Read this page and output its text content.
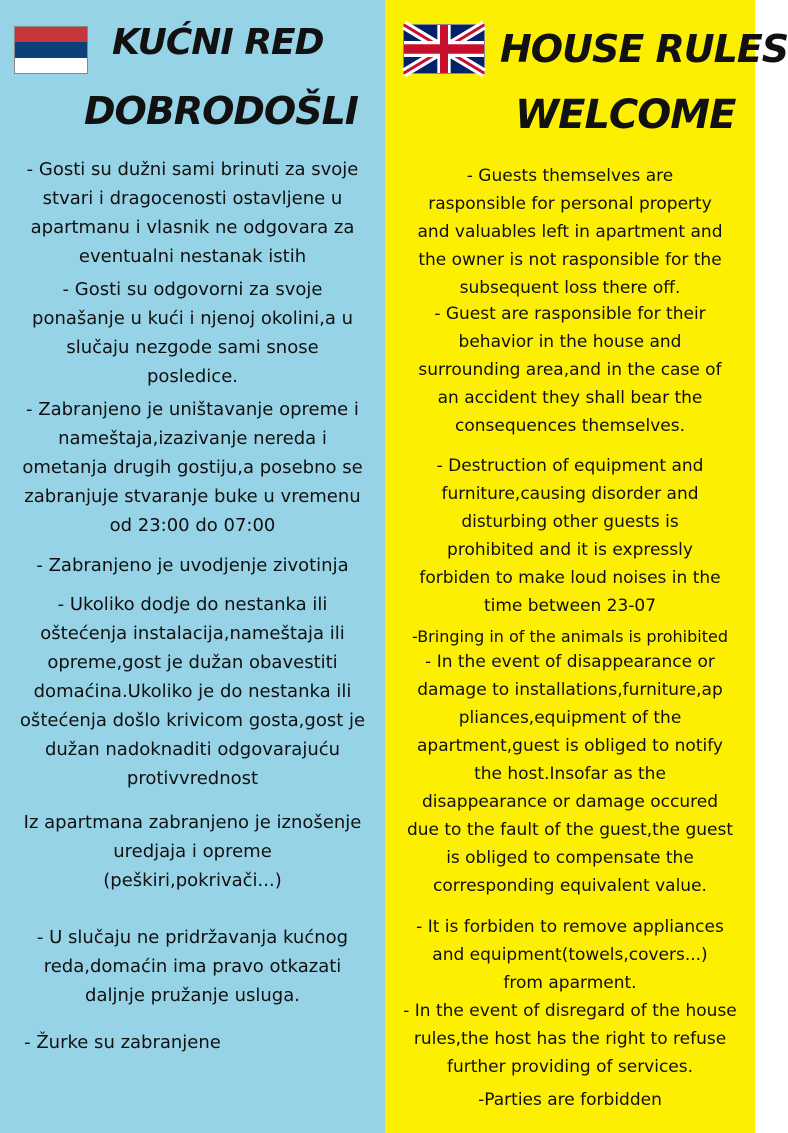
KUĆNI RED
DOBRODOŠLI
- Gosti su dužni sami brinuti za svoje
stvari i dragocenosti ostavljene u
apartmanu i vlasnik ne odgovara za
eventualni nestanak istih
- Gosti su odgovorni za svoje
ponašanje u kući i njenoj okolini,a u
slučaju nezgode sami snose
posledice.
- Zabranjeno je uništavanje opreme i
nameštaja,izazivanje nereda i
ometanja drugih gostiju,a posebno se
zabranjuje stvaranje buke u vremenu
od 23:00 do 07:00
- Zabranjeno je uvodjenje zivotinja
- Ukoliko dodje do nestanka ili
oštećenja instalacija,nameštaja ili
opreme,gost je dužan obavestiti
domaćina.Ukoliko je do nestanka ili
oštećenja došlo krivicom gosta,gost je
dužan nadoknaditi odgovarajuću
protivvrednost
Iz apartmana zabranjeno je iznošenje
uredjaja i opreme
(peškiri,pokrivači...)
- U slučaju ne pridržavanja kućnog
reda,domaćin ima pravo otkazati
daljnje pružanje usluga.
- Žurke su zabranjene
HOUSE RULES
WELCOME
- Guests themselves are
rasponsible for personal property
and valuables left in apartment and
the owner is not rasponsible for the
subsequent loss there off.
- Guest are rasponsible for their
behavior in the house and
surrounding area,and in the case of
an accident they shall bear the
consequences themselves.
- Destruction of equipment and
furniture,causing disorder and
disturbing other guests is
prohibited and it is expressly
forbiden to make loud noises in the
time between 23-07
-Bringing in of the animals is prohibited
- In the event of disappearance or
damage to installations,furniture,ap
pliances,equipment of the
apartment,guest is obliged to notify
the host.Insofar as the
disappearance or damage occured
due to the fault of the guest,the guest
is obliged to compensate the
corresponding equivalent value.
- It is forbiden to remove appliances
and equipment(towels,covers...)
from aparment.
- In the event of disregard of the house
rules,the host has the right to refuse
further providing of services.
-Parties are forbidden
